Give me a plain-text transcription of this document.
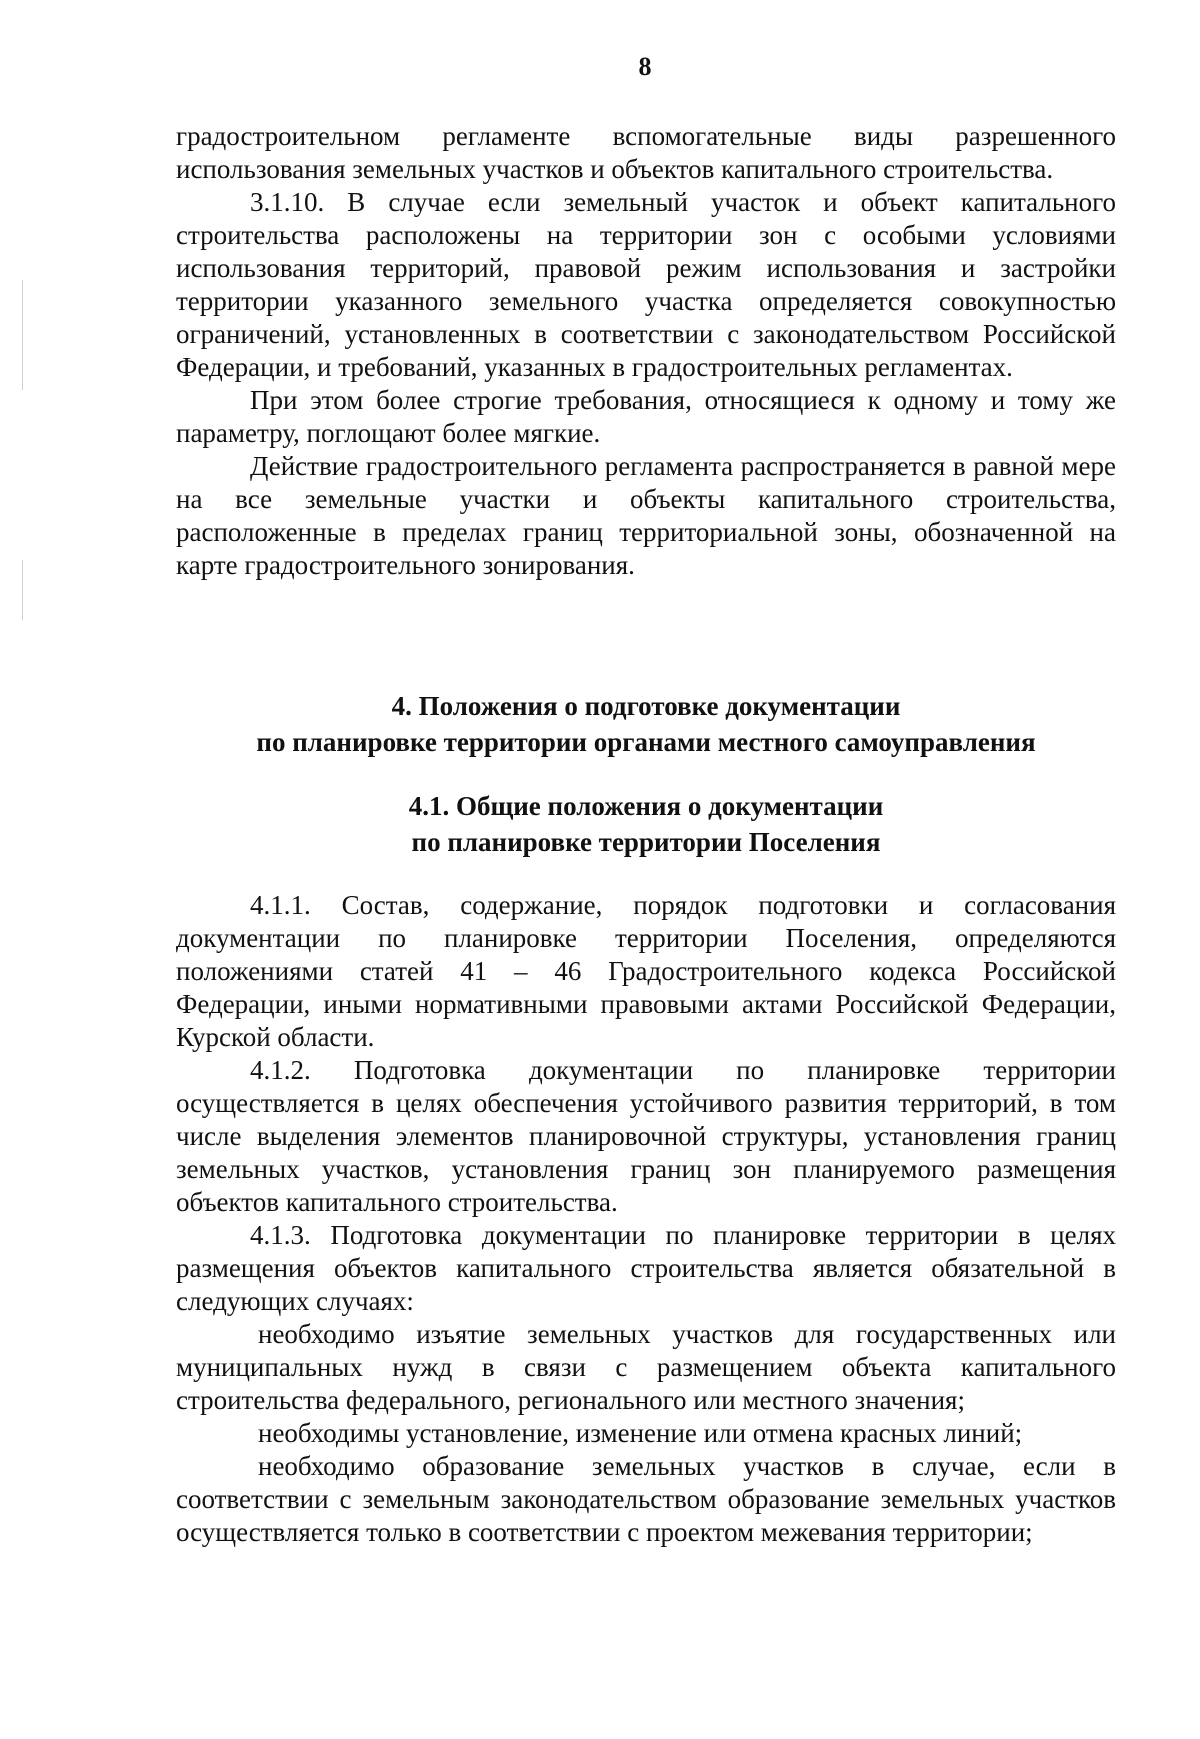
8

градостроительном регламенте вспомогательные виды разрешенного использования земельных участков и объектов капитального строительства.

3.1.10. В случае если земельный участок и объект капитального строительства расположены на территории зон с особыми условиями использования территорий, правовой режим использования и застройки территории указанного земельного участка определяется совокупностью ограничений, установленных в соответствии с законодательством Российской Федерации, и требований, указанных в градостроительных регламентах.

При этом более строгие требования, относящиеся к одному и тому же параметру, поглощают более мягкие.

Действие градостроительного регламента распространяется в равной мере на все земельные участки и объекты капитального строительства, расположенные в пределах границ территориальной зоны, обозначенной на карте градостроительного зонирования.

4. Положения о подготовке документации
по планировке территории органами местного самоуправления
4.1. Общие положения о документации
по планировке территории Поселения

4.1.1. Состав, содержание, порядок подготовки и согласования документации по планировке территории Поселения, определяются положениями статей 41 – 46 Градостроительного кодекса Российской Федерации, иными нормативными правовыми актами Российской Федерации, Курской области.

4.1.2. Подготовка документации по планировке территории осуществляется в целях обеспечения устойчивого развития территорий, в том числе выделения элементов планировочной структуры, установления границ земельных участков, установления границ зон планируемого размещения объектов капитального строительства.

4.1.3. Подготовка документации по планировке территории в целях размещения объектов капитального строительства является обязательной в следующих случаях:

необходимо изъятие земельных участков для государственных или муниципальных нужд в связи с размещением объекта капитального строительства федерального, регионального или местного значения;

необходимы установление, изменение или отмена красных линий;

необходимо образование земельных участков в случае, если в соответствии с земельным законодательством образование земельных участков осуществляется только в соответствии с проектом межевания территории;
